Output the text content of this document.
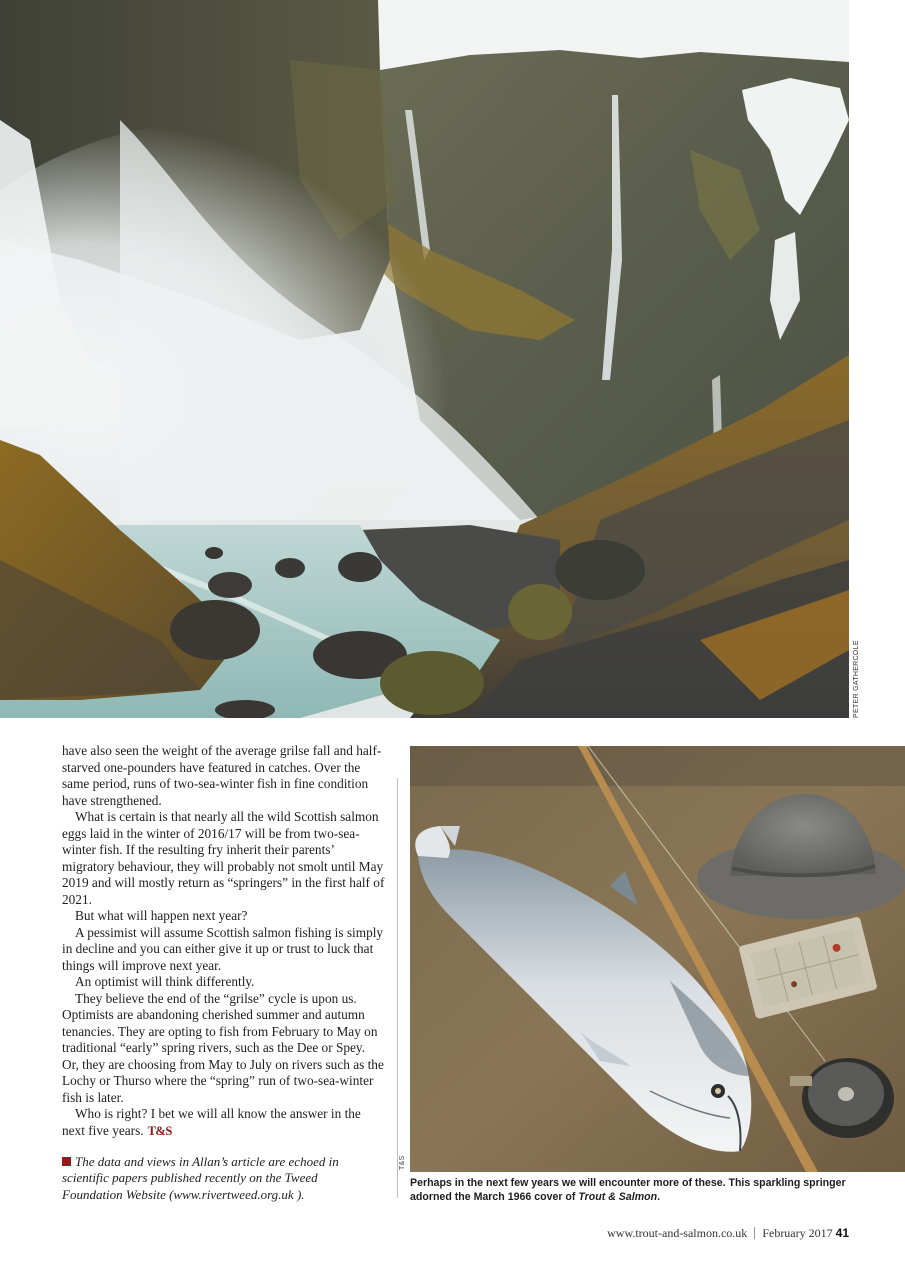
PETER GATHERCOLE

have also seen the weight of the average grilse fall and half-starved one-pounders have featured in catches. Over the same period, runs of two-sea-winter fish in fine condition have strengthened.

What is certain is that nearly all the wild Scottish salmon eggs laid in the winter of 2016/17 will be from two-sea-winter fish. If the resulting fry inherit their parents’ migratory behaviour, they will probably not smolt until May 2019 and will mostly return as “springers” in the first half of 2021.

But what will happen next year?

A pessimist will assume Scottish salmon fishing is simply in decline and you can either give it up or trust to luck that things will improve next year.

An optimist will think differently.

They believe the end of the “grilse” cycle is upon us. Optimists are abandoning cherished summer and autumn tenancies. They are opting to fish from February to May on traditional “early” spring rivers, such as the Dee or Spey. Or, they are choosing from May to July on rivers such as the Lochy or Thurso where the “spring” run of two-sea-winter fish is later.

Who is right? I bet we will all know the answer in the next five years. T&S

The data and views in Allan’s article are echoed in scientific papers published recently on the Tweed Foundation Website (www.rivertweed.org.uk ).
T&S
Perhaps in the next few years we will encounter more of these. This sparkling springer adorned the March 1966 cover of Trout & Salmon.
www.trout-and-salmon.co.uk February 2017 41
